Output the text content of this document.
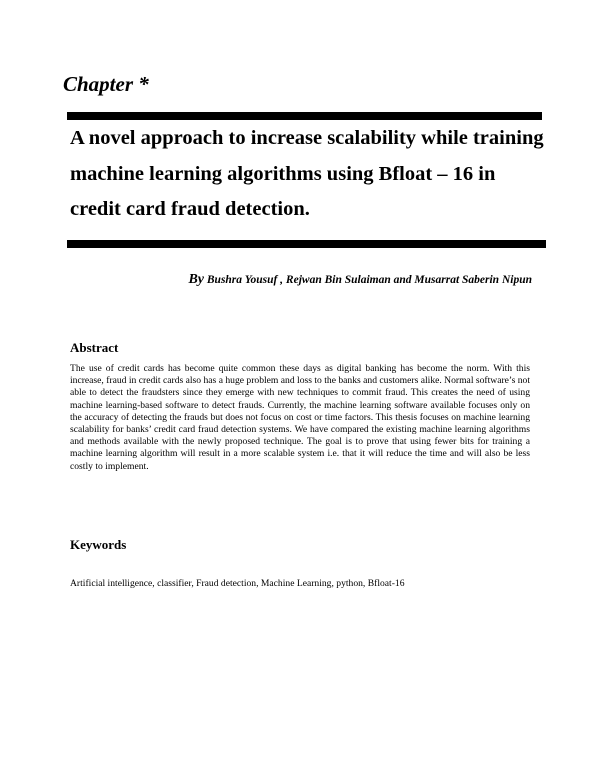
Chapter *
A novel approach to increase scalability while training machine learning algorithms using Bfloat – 16 in credit card fraud detection.

By Bushra Yousuf , Rejwan Bin Sulaiman and Musarrat Saberin Nipun

Abstract

The use of credit cards has become quite common these days as digital banking has become the norm. With this increase, fraud in credit cards also has a huge problem and loss to the banks and customers alike. Normal software’s not able to detect the fraudsters since they emerge with new techniques to commit fraud. This creates the need of using machine learning-based software to detect frauds. Currently, the machine learning software available focuses only on the accuracy of detecting the frauds but does not focus on cost or time factors. This thesis focuses on machine learning scalability for banks’ credit card fraud detection systems. We have compared the existing machine learning algorithms and methods available with the newly proposed technique. The goal is to prove that using fewer bits for training a machine learning algorithm will result in a more scalable system i.e. that it will reduce the time and will also be less costly to implement.

Keywords

Artificial intelligence, classifier, Fraud detection, Machine Learning, python, Bfloat-16
